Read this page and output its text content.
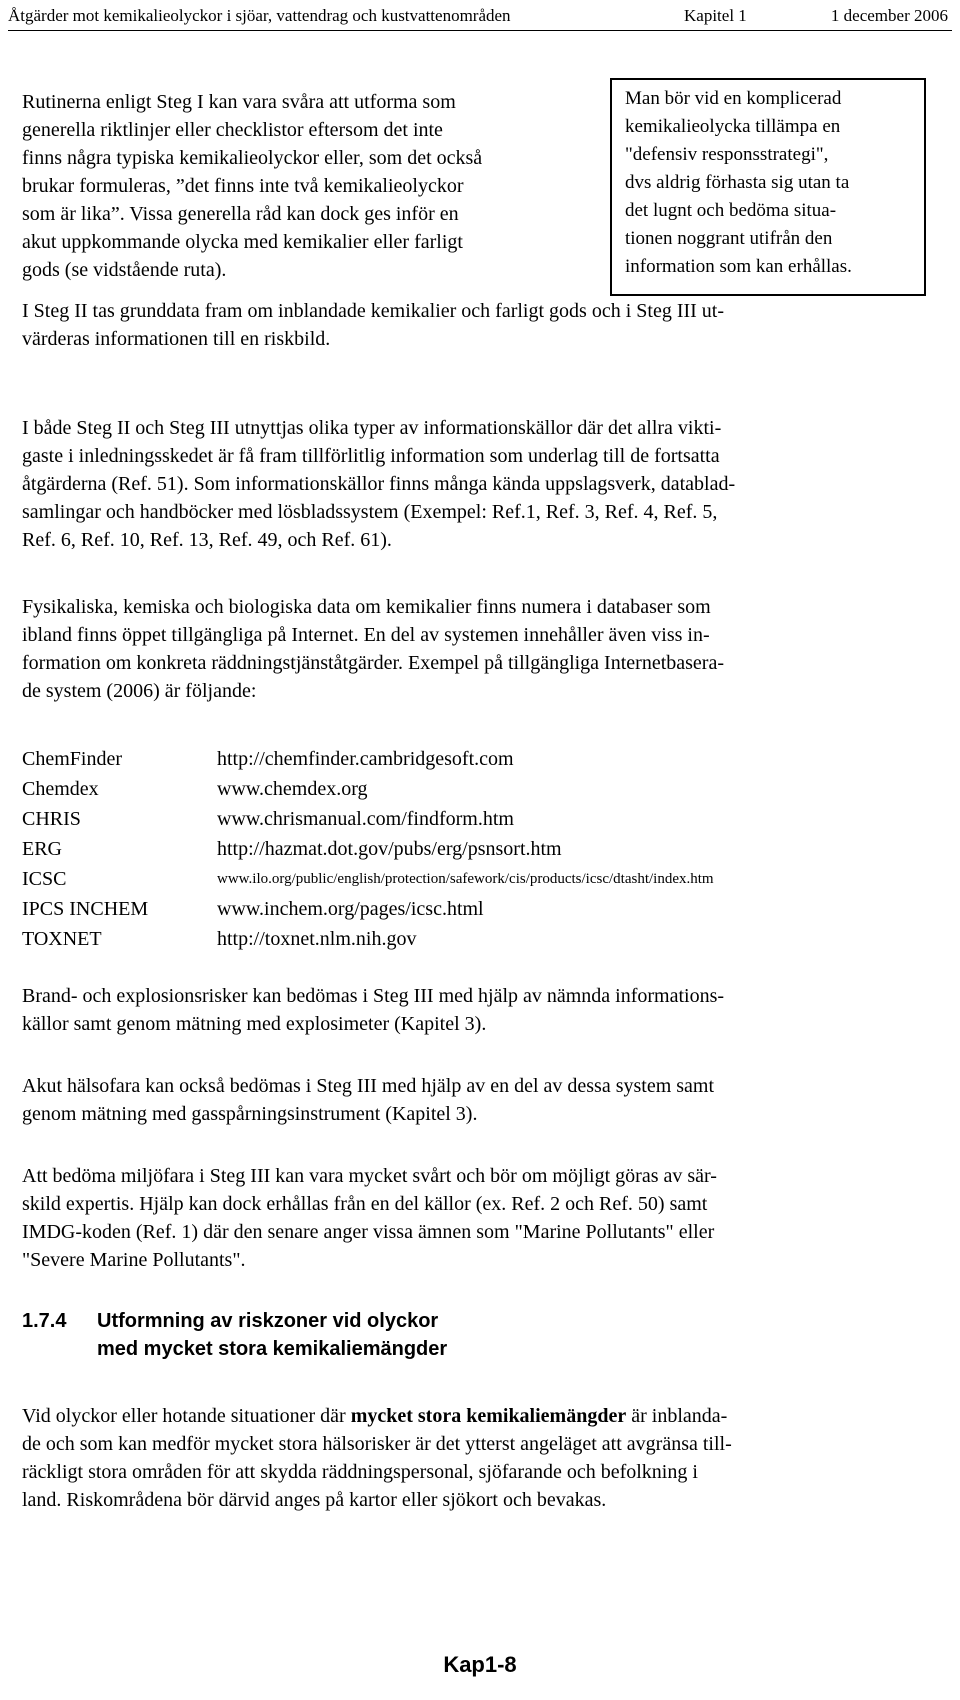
Åtgärder mot kemikalieolyckor i sjöar, vattendrag och kustvattenområden	Kapitel 1	1 december 2006
Rutinerna enligt Steg I kan vara svåra att utforma som
generella riktlinjer eller checklistor eftersom det inte
finns några typiska kemikalieolyckor eller, som det också
brukar formuleras, ”det finns inte två kemikalieolyckor
som är lika”. Vissa generella råd kan dock ges inför en
akut uppkommande olycka med kemikalier eller farligt
gods (se vidstående ruta).
Man bör vid en komplicerad
kemikalieolycka tillämpa en
"defensiv responsstrategi",
dvs aldrig förhasta sig utan ta
det lugnt och bedöma situa-
tionen noggrant utifrån den
information som kan erhållas.
I Steg II tas grunddata fram om inblandade kemikalier och farligt gods och i Steg III ut-
värderas informationen till en riskbild.
I både Steg II och Steg III utnyttjas olika typer av informationskällor där det allra vikti-
gaste i inledningsskedet är få fram tillförlitlig information som underlag till de fortsatta
åtgärderna (Ref. 51). Som informationskällor finns många kända uppslagsverk, datablad-
samlingar och handböcker med lösbladssystem (Exempel: Ref.1, Ref. 3, Ref. 4, Ref. 5,
Ref. 6, Ref. 10, Ref. 13, Ref. 49, och Ref. 61).
Fysikaliska, kemiska och biologiska data om kemikalier finns numera i databaser som
ibland finns öppet tillgängliga på Internet. En del av systemen innehåller även viss in-
formation om konkreta räddningstjänståtgärder. Exempel på tillgängliga Internetbasera-
de system (2006) är följande:
ChemFinder
Chemdex
CHRIS
ERG
ICSC
IPCS INCHEM
TOXNET
http://chemfinder.cambridgesoft.com
www.chemdex.org
www.chrismanual.com/findform.htm
http://hazmat.dot.gov/pubs/erg/psnsort.htm
www.ilo.org/public/english/protection/safework/cis/products/icsc/dtasht/index.htm
www.inchem.org/pages/icsc.html
http://toxnet.nlm.nih.gov
Brand- och explosionsrisker kan bedömas i Steg III med hjälp av nämnda informations-
källor samt genom mätning med explosimeter (Kapitel 3).
Akut hälsofara kan också bedömas i Steg III med hjälp av en del av dessa system samt
genom mätning med gasspårningsinstrument (Kapitel 3).
Att bedöma miljöfara i Steg III kan vara mycket svårt och bör om möjligt göras av sär-
skild expertis. Hjälp kan dock erhållas från en del källor (ex. Ref. 2 och Ref. 50) samt
IMDG-koden (Ref. 1) där den senare anger vissa ämnen som "Marine Pollutants" eller
"Severe Marine Pollutants".
1.7.4 Utformning av riskzoner vid olyckor
med mycket stora kemikaliemängder
Vid olyckor eller hotande situationer där mycket stora kemikaliemängder är inblanda-
de och som kan medför mycket stora hälsorisker är det ytterst angeläget att avgränsa till-
räckligt stora områden för att skydda räddningspersonal, sjöfarande och befolkning i
land. Riskområdena bör därvid anges på kartor eller sjökort och bevakas.
Kap1-8
